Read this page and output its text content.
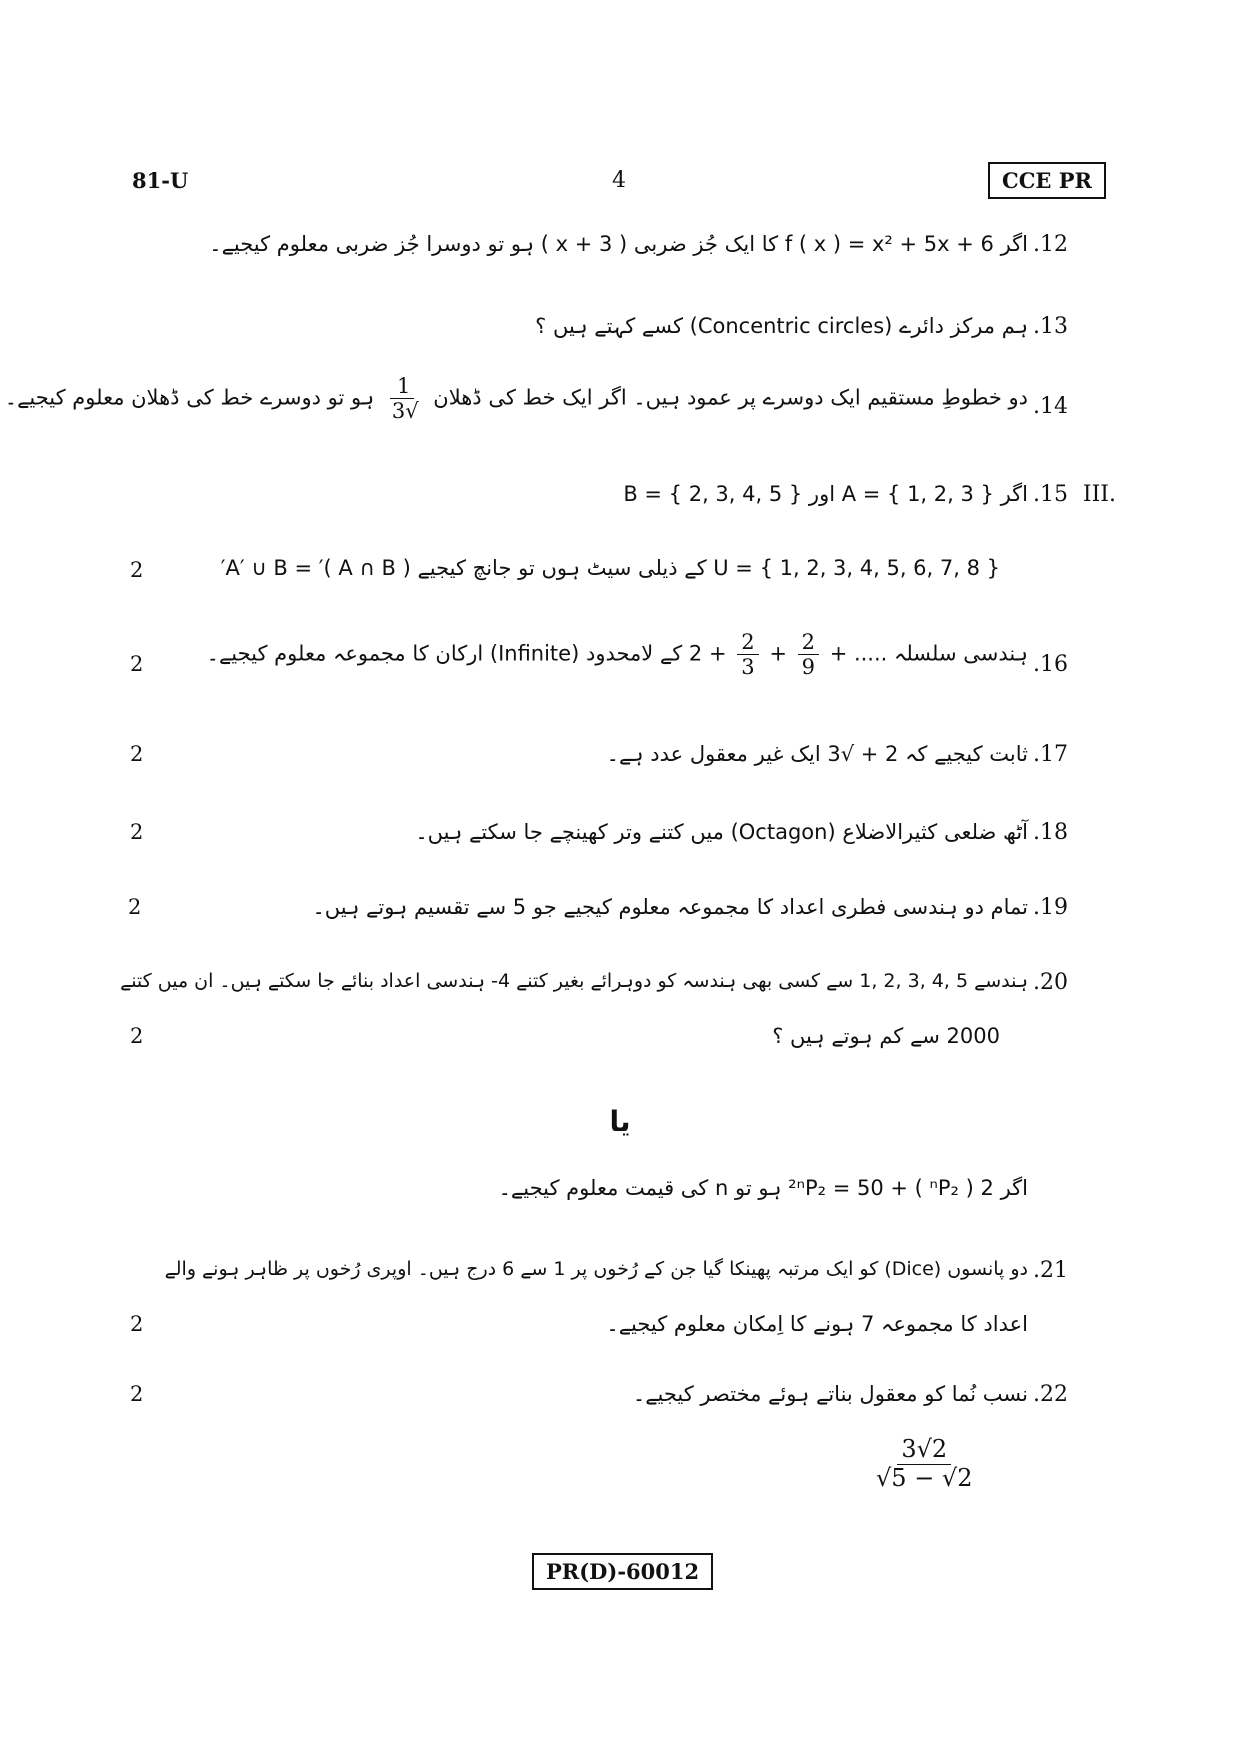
81-U	4	CCE PR
.12
اگر f ( x ) = x² + 5x + 6 کا ایک جُز ضربی ( x + 3 ) ہو تو دوسرا جُز ضربی معلوم کیجیے۔
.13
ہم مرکز دائرے (Concentric circles) کسے کہتے ہیں ؟
.14
دو خطوطِ مستقیم ایک دوسرے پر عمود ہیں۔ اگر ایک خط کی ڈھلان
$\frac{1}{√3}$
ہو تو دوسرے خط کی ڈھلان معلوم کیجیے۔
III.
.15
اگر A = { 1, 2, 3 } اور B = { 2, 3, 4, 5 }
U = { 1, 2, 3, 4, 5, 6, 7, 8 } کے ذیلی سیٹ ہوں تو جانچ کیجیے ( A ∩ B )′ = A′ ∪ B′
2
.16
ہندسی سلسلہ ..... +
$\frac{2}{9}$
+
$\frac{2}{3}$
+ 2 کے لامحدود (Infinite) ارکان کا مجموعہ معلوم کیجیے۔
2
.17
ثابت کیجیے کہ 2 + √3 ایک غیر معقول عدد ہے۔
2
.18
آٹھ ضلعی کثیرالاضلاع (Octagon) میں کتنے وتر کھینچے جا سکتے ہیں۔
2
.19
تمام دو ہندسی فطری اعداد کا مجموعہ معلوم کیجیے جو 5 سے تقسیم ہوتے ہیں۔
2
.20
ہندسے 5 ,4 ,3 ,2 ,1 سے کسی بھی ہندسہ کو دوہرائے بغیر کتنے 4- ہندسی اعداد بنائے جا سکتے ہیں۔ ان میں کتنے
2000 سے کم ہوتے ہیں ؟
2
یا
اگر ²ⁿP₂ = 50 + ( ⁿP₂ ) 2 ہو تو n کی قیمت معلوم کیجیے۔
.21
دو پانسوں (Dice) کو ایک مرتبہ پھینکا گیا جن کے رُخوں پر 1 سے 6 درج ہیں۔ اوپری رُخوں پر ظاہر ہونے والے
اعداد کا مجموعہ 7 ہونے کا اِمکان معلوم کیجیے۔
2
.22
نسب نُما کو معقول بناتے ہوئے مختصر کیجیے۔
2
$\frac{3√2}{√5 - √2}$
PR(D)-60012
